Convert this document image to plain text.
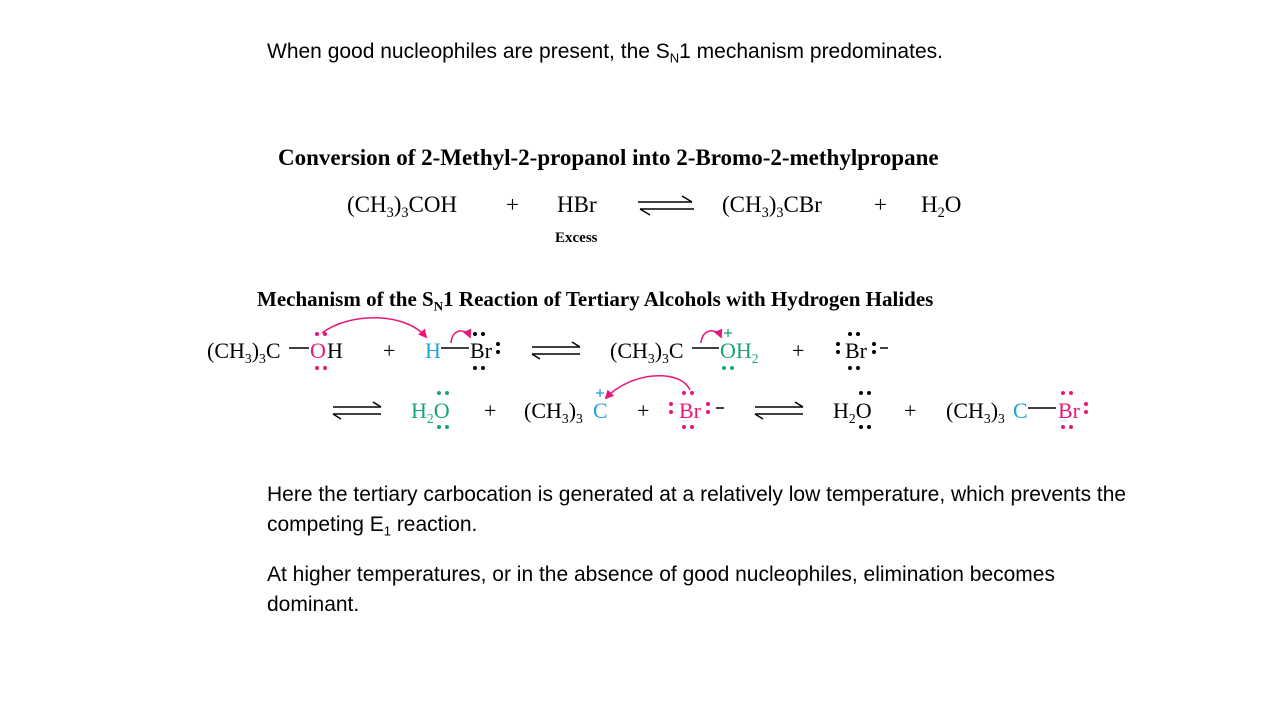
When good nucleophiles are present, the $S_N1$ mechanism predominates.
Conversion of 2-Methyl-2-propanol into 2-Bromo-2-methylpropane
$(CH_3)_3COH$ + HBr	$(CH_3)_3CBr + H_2O$
Excess
Mechanism of the $S_N1$ Reaction of Tertiary Alcohols with Hydrogen Halides
$(CH_3)_3C$ O H + H Br	$(CH_3)_3C$ $OH_2 + Br$
$H_2O + (CH_3)_3$ C + Br	$H_2O + (CH_3)_3$ C Br
Here the tertiary carbocation is generated at a relatively low temperature, which prevents the competing $E_1$ reaction.
At higher temperatures, or in the absence of good nucleophiles, elimination becomes dominant.
